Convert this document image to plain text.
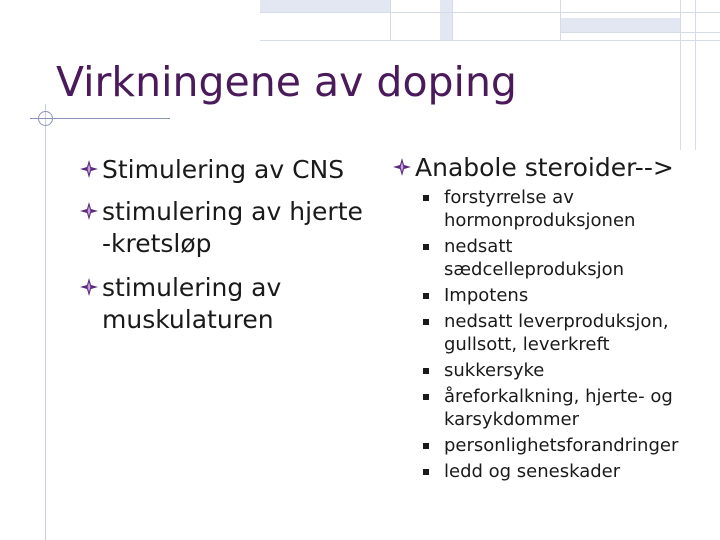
Virkningene av doping
Stimulering av CNS
stimulering av hjerte
-kretsløp
stimulering av
muskulaturen
Anabole steroider-->
forstyrrelse av
hormonproduksjonen
nedsatt
sædcelleproduksjon
Impotens
nedsatt leverproduksjon,
gullsott, leverkreft
sukkersyke
åreforkalkning, hjerte- og
karsykdommer
personlighetsforandringer
ledd og seneskader
